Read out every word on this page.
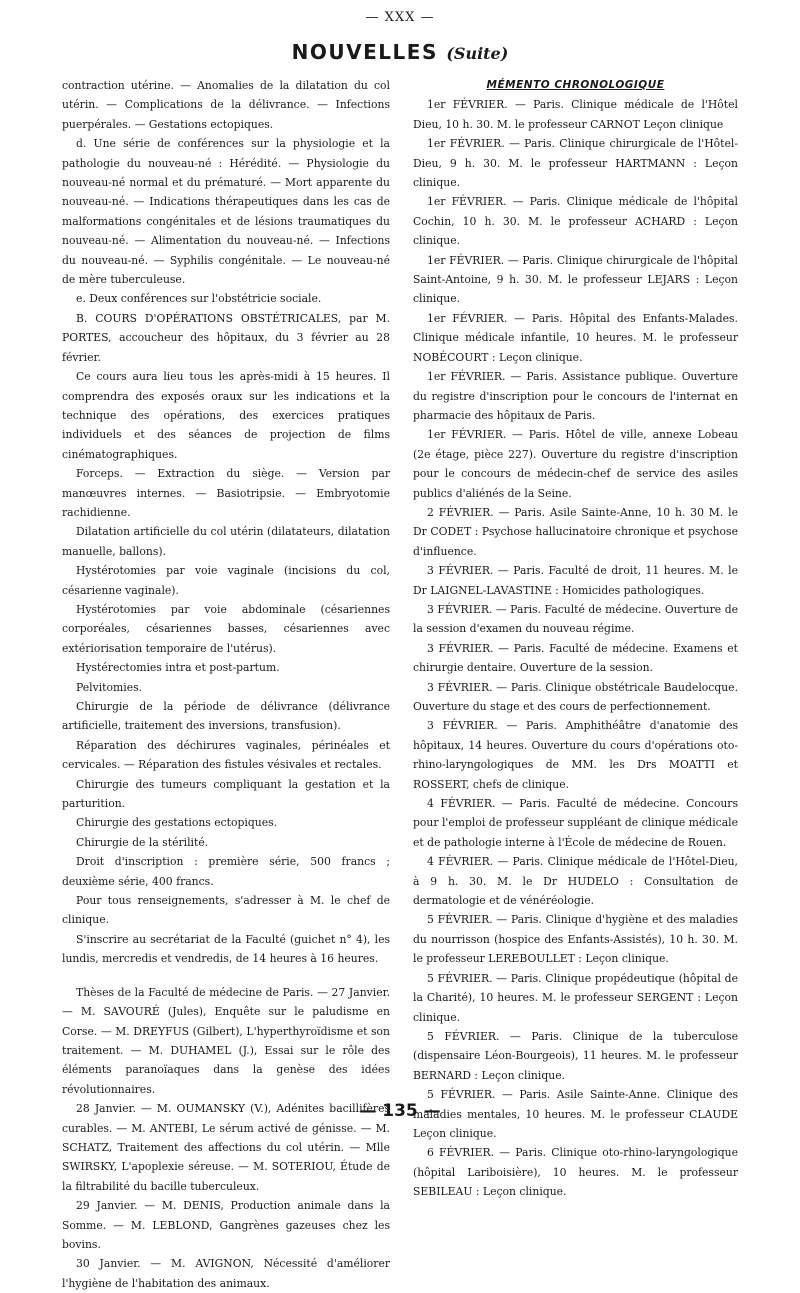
— XXX —
NOUVELLES (Suite)

contraction utérine. — Anomalies de la dilatation du col utérin. — Complications de la délivrance. — Infections puerpérales. — Gestations ectopiques.

d. Une série de conférences sur la physiologie et la pathologie du nouveau-né : Hérédité. — Physiologie du nouveau-né normal et du prématuré. — Mort apparente du nouveau-né. — Indications thérapeutiques dans les cas de malformations congénitales et de lésions traumatiques du nouveau-né. — Alimentation du nouveau-né. — Infections du nouveau-né. — Syphilis congénitale. — Le nouveau-né de mère tuberculeuse.

e. Deux conférences sur l'obstétricie sociale.

B. COURS D'OPÉRATIONS OBSTÉTRICALES, par M. PORTES, accoucheur des hôpitaux, du 3 février au 28 février.

Ce cours aura lieu tous les après-midi à 15 heures. Il comprendra des exposés oraux sur les indications et la technique des opérations, des exercices pratiques individuels et des séances de projection de films cinématographiques.

Forceps. — Extraction du siège. — Version par manœuvres internes. — Basiotripsie. — Embryotomie rachidienne.

Dilatation artificielle du col utérin (dilatateurs, dilatation manuelle, ballons).

Hystérotomies par voie vaginale (incisions du col, césarienne vaginale).

Hystérotomies par voie abdominale (césariennes corporéales, césariennes basses, césariennes avec extériorisation temporaire de l'utérus).

Hystérectomies intra et post-partum.

Pelvitomies.

Chirurgie de la période de délivrance (délivrance artificielle, traitement des inversions, transfusion).

Réparation des déchirures vaginales, périnéales et cervicales. — Réparation des fistules vésivales et rectales.

Chirurgie des tumeurs compliquant la gestation et la parturition.

Chirurgie des gestations ectopiques.

Chirurgie de la stérilité.

Droit d'inscription : première série, 500 francs ; deuxième série, 400 francs.

Pour tous renseignements, s'adresser à M. le chef de clinique.

S'inscrire au secrétariat de la Faculté (guichet n° 4), les lundis, mercredis et vendredis, de 14 heures à 16 heures.

Thèses de la Faculté de médecine de Paris. — 27 Janvier. — M. SAVOURÉ (Jules), Enquête sur le paludisme en Corse. — M. DREYFUS (Gilbert), L'hyperthyroïdisme et son traitement. — M. DUHAMEL (J.), Essai sur le rôle des éléments paranoïaques dans la genèse des idées révolutionnaires.

28 Janvier. — M. OUMANSKY (V.), Adénites bacillifères curables. — M. ANTEBI, Le sérum activé de génisse. — M. SCHATZ, Traitement des affections du col utérin. — Mlle SWIRSKY, L'apoplexie séreuse. — M. SOTERIOU, Étude de la filtrabilité du bacille tuberculeux.

29 Janvier. — M. DENIS, Production animale dans la Somme. — M. LEBLOND, Gangrènes gazeuses chez les bovins.

30 Janvier. — M. AVIGNON, Nécessité d'améliorer l'hygiène de l'habitation des animaux.

MÉMENTO CHRONOLOGIQUE

1er FÉVRIER. — Paris. Clinique médicale de l'Hôtel Dieu, 10 h. 30. M. le professeur CARNOT Leçon clinique

1er FÉVRIER. — Paris. Clinique chirurgicale de l'Hôtel-Dieu, 9 h. 30. M. le professeur HARTMANN : Leçon clinique.

1er FÉVRIER. — Paris. Clinique médicale de l'hôpital Cochin, 10 h. 30. M. le professeur ACHARD : Leçon clinique.

1er FÉVRIER. — Paris. Clinique chirurgicale de l'hôpital Saint-Antoine, 9 h. 30. M. le professeur LEJARS : Leçon clinique.

1er FÉVRIER. — Paris. Hôpital des Enfants-Malades. Clinique médicale infantile, 10 heures. M. le professeur NOBÉCOURT : Leçon clinique.

1er FÉVRIER. — Paris. Assistance publique. Ouverture du registre d'inscription pour le concours de l'internat en pharmacie des hôpitaux de Paris.

1er FÉVRIER. — Paris. Hôtel de ville, annexe Lobeau (2e étage, pièce 227). Ouverture du registre d'inscription pour le concours de médecin-chef de service des asiles publics d'aliénés de la Seine.

2 FÉVRIER. — Paris. Asile Sainte-Anne, 10 h. 30 M. le Dr CODET : Psychose hallucinatoire chronique et psychose d'influence.

3 FÉVRIER. — Paris. Faculté de droit, 11 heures. M. le Dr LAIGNEL-LAVASTINE : Homicides pathologiques.

3 FÉVRIER. — Paris. Faculté de médecine. Ouverture de la session d'examen du nouveau régime.

3 FÉVRIER. — Paris. Faculté de médecine. Examens et chirurgie dentaire. Ouverture de la session.

3 FÉVRIER. — Paris. Clinique obstétricale Baudelocque. Ouverture du stage et des cours de perfectionnement.

3 FÉVRIER. — Paris. Amphithéâtre d'anatomie des hôpitaux, 14 heures. Ouverture du cours d'opérations oto-rhino-laryngologiques de MM. les Drs MOATTI et ROSSERT, chefs de clinique.

4 FÉVRIER. — Paris. Faculté de médecine. Concours pour l'emploi de professeur suppléant de clinique médicale et de pathologie interne à l'École de médecine de Rouen.

4 FÉVRIER. — Paris. Clinique médicale de l'Hôtel-Dieu, à 9 h. 30. M. le Dr HUDELO : Consultation de dermatologie et de vénéréologie.

5 FÉVRIER. — Paris. Clinique d'hygiène et des maladies du nourrisson (hospice des Enfants-Assistés), 10 h. 30. M. le professeur LEREBOULLET : Leçon clinique.

5 FÉVRIER. — Paris. Clinique propédeutique (hôpital de la Charité), 10 heures. M. le professeur SERGENT : Leçon clinique.

5 FÉVRIER. — Paris. Clinique de la tuberculose (dispensaire Léon-Bourgeois), 11 heures. M. le professeur BERNARD : Leçon clinique.

5 FÉVRIER. — Paris. Asile Sainte-Anne. Clinique des maladies mentales, 10 heures. M. le professeur CLAUDE Leçon clinique.

6 FÉVRIER. — Paris. Clinique oto-rhino-laryngologique (hôpital Lariboisière), 10 heures. M. le professeur SEBILEAU : Leçon clinique.

— 135 —
